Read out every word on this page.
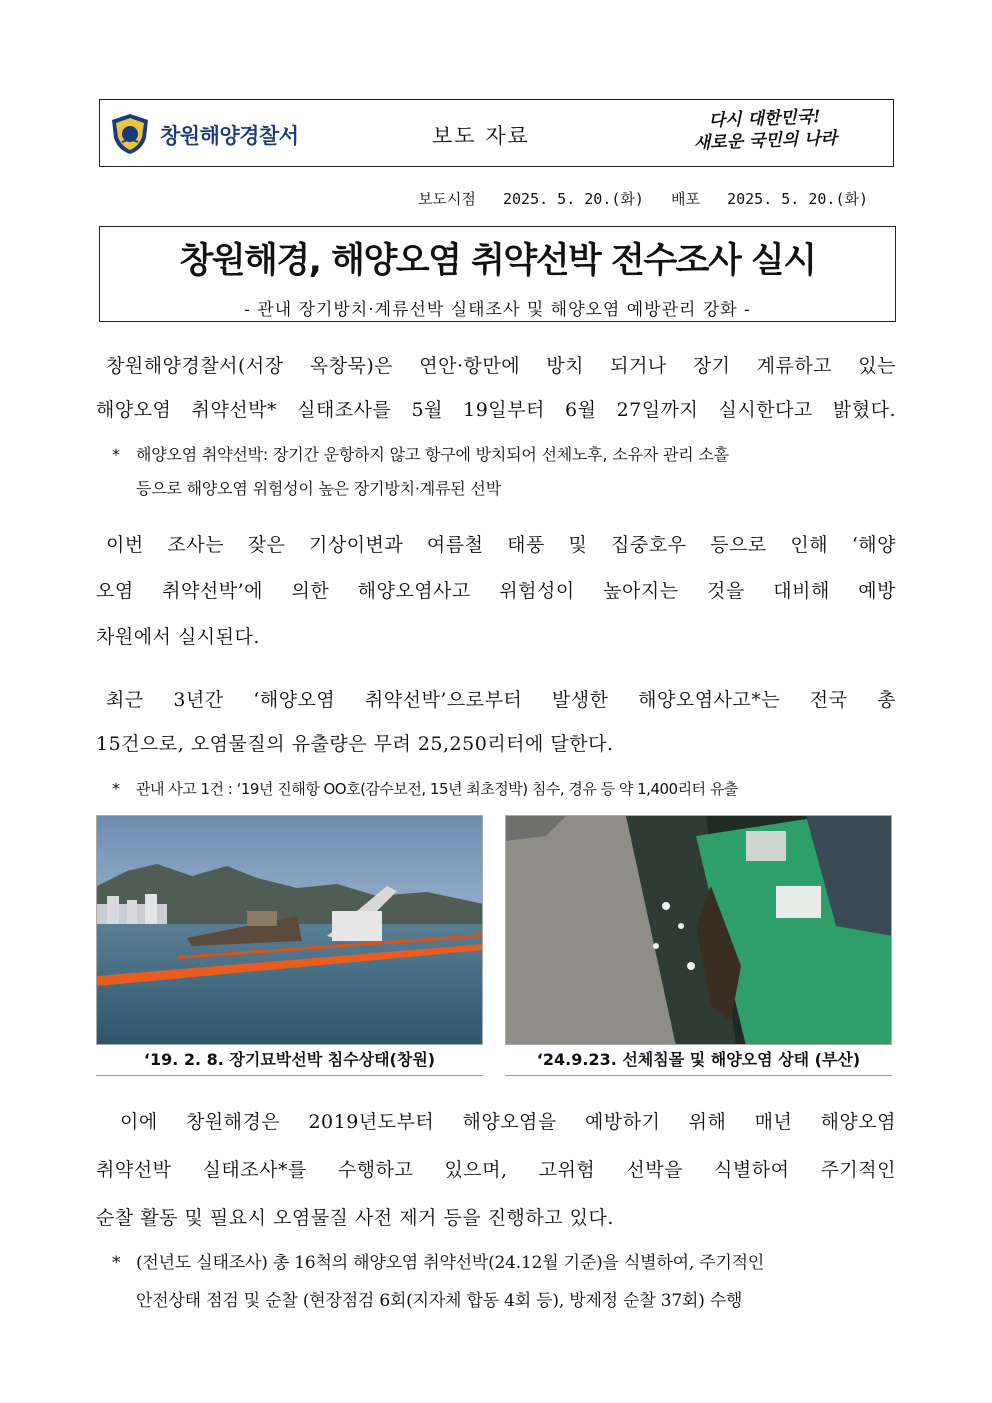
창원해양경찰서	보도 자료
다시 대한민국!
새로운 국민의 나라
보도시점   2025. 5. 20.(화)   배포   2025. 5. 20.(화)
창원해경, 해양오염 취약선박 전수조사 실시
- 관내 장기방치·계류선박 실태조사 및 해양오염 예방관리 강화 -
창원해양경찰서(서장 옥창묵)은 연안·항만에 방치 되거나 장기 계류하고 있는
해양오염 취약선박* 실태조사를 5월 19일부터 6월 27일까지 실시한다고 밝혔다.
*	해양오염 취약선박: 장기간 운항하지 않고 항구에 방치되어 선체노후, 소유자 관리 소홀
등으로 해양오염 위험성이 높은 장기방치·계류된 선박
이번 조사는 잦은 기상이변과 여름철 태풍 및 집중호우 등으로 인해 ‘해양
오염 취약선박’에 의한 해양오염사고 위험성이 높아지는 것을 대비해 예방
차원에서 실시된다.
최근 3년간 ‘해양오염 취약선박’으로부터 발생한 해양오염사고*는 전국 총
15건으로, 오염물질의 유출량은 무려 25,250리터에 달한다.
*	관내 사고 1건 : ‘19년 진해항 OO호(감수보전, 15년 최초정박) 침수, 경유 등 약 1,400리터 유출
‘19. 2. 8. 장기묘박선박 침수상태(창원)	‘24.9.23. 선체침몰 및 해양오염 상태 (부산)
이에 창원해경은 2019년도부터 해양오염을 예방하기 위해 매년 해양오염
취약선박 실태조사*를 수행하고 있으며, 고위험 선박을 식별하여 주기적인
순찰 활동 및 필요시 오염물질 사전 제거 등을 진행하고 있다.
* (전년도 실태조사) 총 16척의 해양오염 취약선박(24.12월 기준)을 식별하여, 주기적인
안전상태 점검 및 순찰 (현장점검 6회(지자체 합동 4회 등), 방제정 순찰 37회) 수행
